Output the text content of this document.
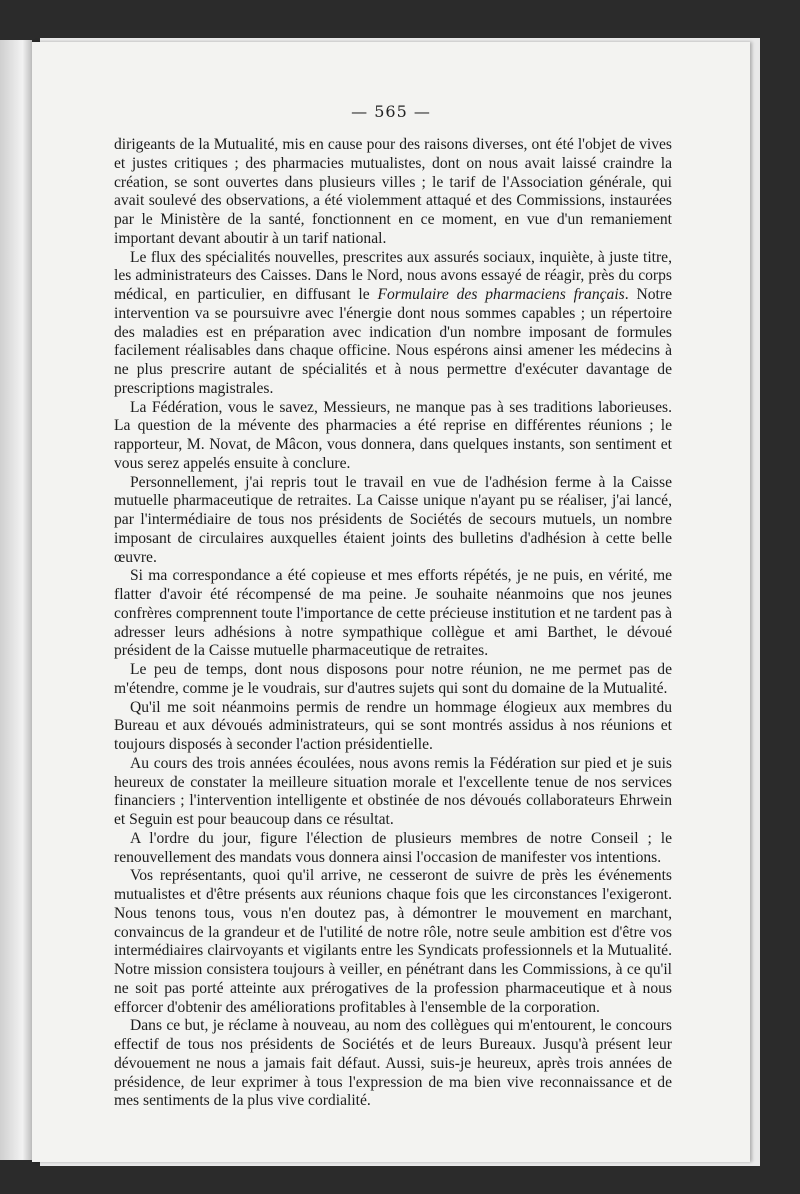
— 565 —

dirigeants de la Mutualité, mis en cause pour des raisons diverses, ont été l'objet de vives et justes critiques ; des pharmacies mutualistes, dont on nous avait laissé craindre la création, se sont ouvertes dans plusieurs villes ; le tarif de l'Association générale, qui avait soulevé des observations, a été violemment attaqué et des Commissions, instaurées par le Ministère de la santé, fonctionnent en ce moment, en vue d'un remaniement important devant aboutir à un tarif national.

Le flux des spécialités nouvelles, prescrites aux assurés sociaux, inquiète, à juste titre, les administrateurs des Caisses. Dans le Nord, nous avons essayé de réagir, près du corps médical, en particulier, en diffusant le Formulaire des pharmaciens français. Notre intervention va se poursuivre avec l'énergie dont nous sommes capables ; un répertoire des maladies est en préparation avec indication d'un nombre imposant de formules facilement réalisables dans chaque officine. Nous espérons ainsi amener les médecins à ne plus prescrire autant de spécialités et à nous permettre d'exécuter davantage de prescriptions magistrales.

La Fédération, vous le savez, Messieurs, ne manque pas à ses traditions laborieuses. La question de la mévente des pharmacies a été reprise en différentes réunions ; le rapporteur, M. Novat, de Mâcon, vous donnera, dans quelques instants, son sentiment et vous serez appelés ensuite à conclure.

Personnellement, j'ai repris tout le travail en vue de l'adhésion ferme à la Caisse mutuelle pharmaceutique de retraites. La Caisse unique n'ayant pu se réaliser, j'ai lancé, par l'intermédiaire de tous nos présidents de Sociétés de secours mutuels, un nombre imposant de circulaires auxquelles étaient joints des bulletins d'adhésion à cette belle œuvre.

Si ma correspondance a été copieuse et mes efforts répétés, je ne puis, en vérité, me flatter d'avoir été récompensé de ma peine. Je souhaite néanmoins que nos jeunes confrères comprennent toute l'importance de cette précieuse institution et ne tardent pas à adresser leurs adhésions à notre sympathique collègue et ami Barthet, le dévoué président de la Caisse mutuelle pharmaceutique de retraites.

Le peu de temps, dont nous disposons pour notre réunion, ne me permet pas de m'étendre, comme je le voudrais, sur d'autres sujets qui sont du domaine de la Mutualité.

Qu'il me soit néanmoins permis de rendre un hommage élogieux aux membres du Bureau et aux dévoués administrateurs, qui se sont montrés assidus à nos réunions et toujours disposés à seconder l'action présidentielle.

Au cours des trois années écoulées, nous avons remis la Fédération sur pied et je suis heureux de constater la meilleure situation morale et l'excellente tenue de nos services financiers ; l'intervention intelligente et obstinée de nos dévoués collaborateurs Ehrwein et Seguin est pour beaucoup dans ce résultat.

A l'ordre du jour, figure l'élection de plusieurs membres de notre Conseil ; le renouvellement des mandats vous donnera ainsi l'occasion de manifester vos intentions.

Vos représentants, quoi qu'il arrive, ne cesseront de suivre de près les événements mutualistes et d'être présents aux réunions chaque fois que les circonstances l'exigeront. Nous tenons tous, vous n'en doutez pas, à démontrer le mouvement en marchant, convaincus de la grandeur et de l'utilité de notre rôle, notre seule ambition est d'être vos intermédiaires clairvoyants et vigilants entre les Syndicats professionnels et la Mutualité. Notre mission consistera toujours à veiller, en pénétrant dans les Commissions, à ce qu'il ne soit pas porté atteinte aux prérogatives de la profession pharmaceutique et à nous efforcer d'obtenir des améliorations profitables à l'ensemble de la corporation.

Dans ce but, je réclame à nouveau, au nom des collègues qui m'entourent, le concours effectif de tous nos présidents de Sociétés et de leurs Bureaux. Jusqu'à présent leur dévouement ne nous a jamais fait défaut. Aussi, suis-je heureux, après trois années de présidence, de leur exprimer à tous l'expression de ma bien vive reconnaissance et de mes sentiments de la plus vive cordialité.
